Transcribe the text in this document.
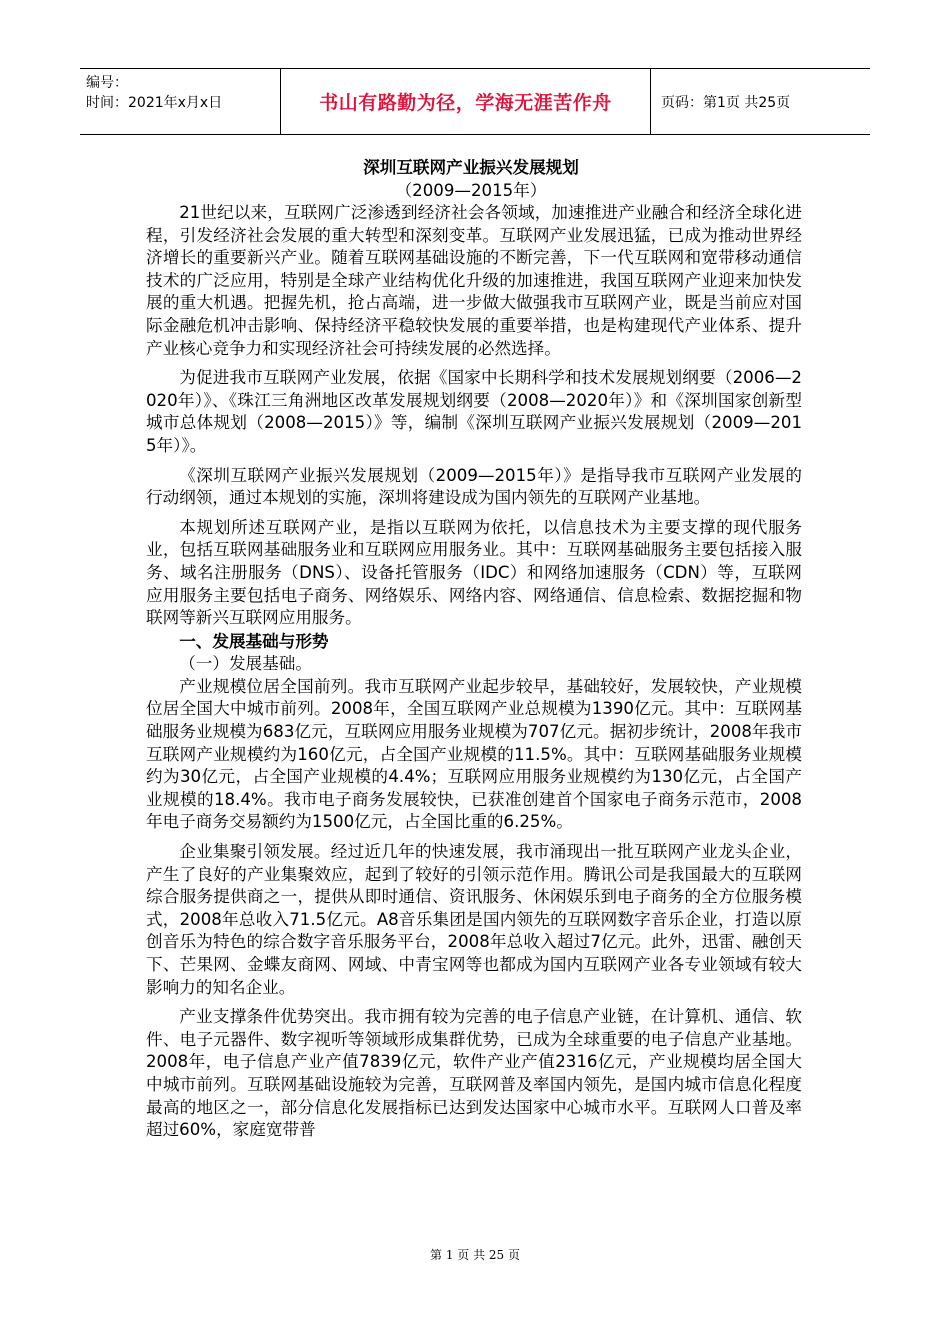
编号：
时间：2021年x月x日	书山有路勤为径，学海无涯苦作舟	页码：第1页 共25页
深圳互联网产业振兴发展规划
（2009—2015年）

21世纪以来，互联网广泛渗透到经济社会各领域，加速推进产业融合和经济全球化进程，引发经济社会发展的重大转型和深刻变革。互联网产业发展迅猛，已成为推动世界经济增长的重要新兴产业。随着互联网基础设施的不断完善，下一代互联网和宽带移动通信技术的广泛应用，特别是全球产业结构优化升级的加速推进，我国互联网产业迎来加快发展的重大机遇。把握先机，抢占高端，进一步做大做强我市互联网产业，既是当前应对国际金融危机冲击影响、保持经济平稳较快发展的重要举措，也是构建现代产业体系、提升产业核心竞争力和实现经济社会可持续发展的必然选择。

为促进我市互联网产业发展，依据《国家中长期科学和技术发展规划纲要（2006—2020年）》、《珠江三角洲地区改革发展规划纲要（2008—2020年）》和《深圳国家创新型城市总体规划（2008—2015）》等，编制《深圳互联网产业振兴发展规划（2009—2015年）》。

《深圳互联网产业振兴发展规划（2009—2015年）》是指导我市互联网产业发展的行动纲领，通过本规划的实施，深圳将建设成为国内领先的互联网产业基地。

本规划所述互联网产业，是指以互联网为依托，以信息技术为主要支撑的现代服务业，包括互联网基础服务业和互联网应用服务业。其中：互联网基础服务主要包括接入服务、域名注册服务（DNS）、设备托管服务（IDC）和网络加速服务（CDN）等，互联网应用服务主要包括电子商务、网络娱乐、网络内容、网络通信、信息检索、数据挖掘和物联网等新兴互联网应用服务。

一、发展基础与形势
（一）发展基础。

产业规模位居全国前列。我市互联网产业起步较早，基础较好，发展较快，产业规模位居全国大中城市前列。2008年，全国互联网产业总规模为1390亿元。其中：互联网基础服务业规模为683亿元，互联网应用服务业规模为707亿元。据初步统计，2008年我市互联网产业规模约为160亿元，占全国产业规模的11.5%。其中：互联网基础服务业规模约为30亿元，占全国产业规模的4.4%；互联网应用服务业规模约为130亿元，占全国产业规模的18.4%。我市电子商务发展较快，已获准创建首个国家电子商务示范市，2008年电子商务交易额约为1500亿元，占全国比重的6.25%。

企业集聚引领发展。经过近几年的快速发展，我市涌现出一批互联网产业龙头企业，产生了良好的产业集聚效应，起到了较好的引领示范作用。腾讯公司是我国最大的互联网综合服务提供商之一，提供从即时通信、资讯服务、休闲娱乐到电子商务的全方位服务模式，2008年总收入71.5亿元。A8音乐集团是国内领先的互联网数字音乐企业，打造以原创音乐为特色的综合数字音乐服务平台，2008年总收入超过7亿元。此外，迅雷、融创天下、芒果网、金蝶友商网、网域、中青宝网等也都成为国内互联网产业各专业领域有较大影响力的知名企业。

产业支撑条件优势突出。我市拥有较为完善的电子信息产业链，在计算机、通信、软件、电子元器件、数字视听等领域形成集群优势，已成为全球重要的电子信息产业基地。2008年，电子信息产业产值7839亿元，软件产业产值2316亿元，产业规模均居全国大中城市前列。互联网基础设施较为完善，互联网普及率国内领先，是国内城市信息化程度最高的地区之一，部分信息化发展指标已达到发达国家中心城市水平。互联网人口普及率超过60%，家庭宽带普

第 1 页 共 25 页
